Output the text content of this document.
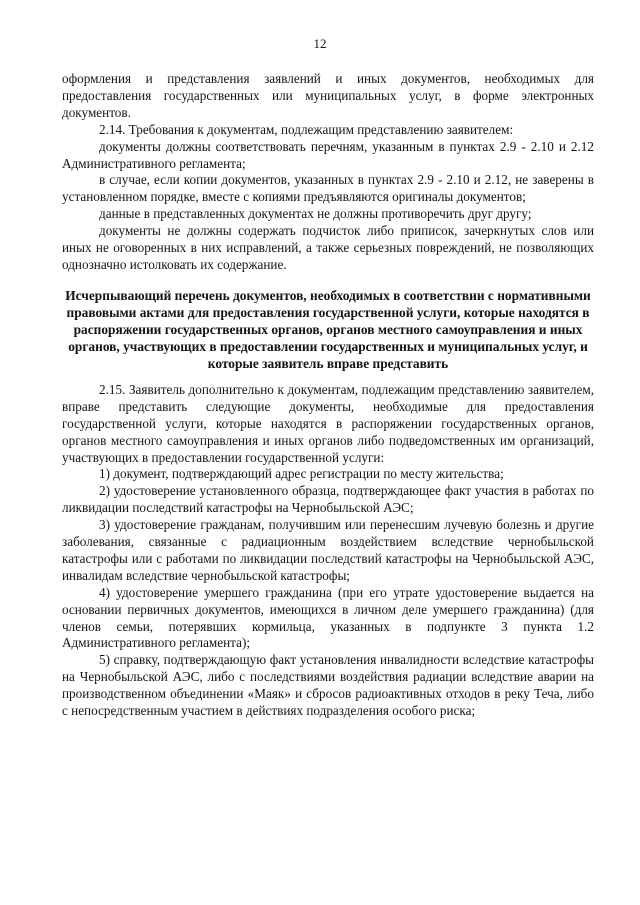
12

оформления и представления заявлений и иных документов, необходимых для предоставления государственных или муниципальных услуг, в форме электронных документов.

2.14. Требования к документам, подлежащим представлению заявителем:

документы должны соответствовать перечням, указанным в пунктах 2.9 - 2.10 и 2.12 Административного регламента;

в случае, если копии документов, указанных в пунктах 2.9 - 2.10 и 2.12, не заверены в установленном порядке, вместе с копиями предъявляются оригиналы документов;

данные в представленных документах не должны противоречить друг другу;

документы не должны содержать подчисток либо приписок, зачеркнутых слов или иных не оговоренных в них исправлений, а также серьезных повреждений, не позволяющих однозначно истолковать их содержание.

Исчерпывающий перечень документов, необходимых в соответствии с нормативными правовыми актами для предоставления государственной услуги, которые находятся в распоряжении государственных органов, органов местного самоуправления и иных органов, участвующих в предоставлении государственных и муниципальных услуг, и которые заявитель вправе представить

2.15. Заявитель дополнительно к документам, подлежащим представлению заявителем, вправе представить следующие документы, необходимые для предоставления государственной услуги, которые находятся в распоряжении государственных органов, органов местного самоуправления и иных органов либо подведомственных им организаций, участвующих в предоставлении государственной услуги:

1) документ, подтверждающий адрес регистрации по месту жительства;

2) удостоверение установленного образца, подтверждающее факт участия в работах по ликвидации последствий катастрофы на Чернобыльской АЭС;

3) удостоверение гражданам, получившим или перенесшим лучевую болезнь и другие заболевания, связанные с радиационным воздействием вследствие чернобыльской катастрофы или с работами по ликвидации последствий катастрофы на Чернобыльской АЭС, инвалидам вследствие чернобыльской катастрофы;

4) удостоверение умершего гражданина (при его утрате удостоверение выдается на основании первичных документов, имеющихся в личном деле умершего гражданина) (для членов семьи, потерявших кормильца, указанных в подпункте 3 пункта 1.2 Административного регламента);

5) справку, подтверждающую факт установления инвалидности вследствие катастрофы на Чернобыльской АЭС, либо с последствиями воздействия радиации вследствие аварии на производственном объединении «Маяк» и сбросов радиоактивных отходов в реку Теча, либо с непосредственным участием в действиях подразделения особого риска;
